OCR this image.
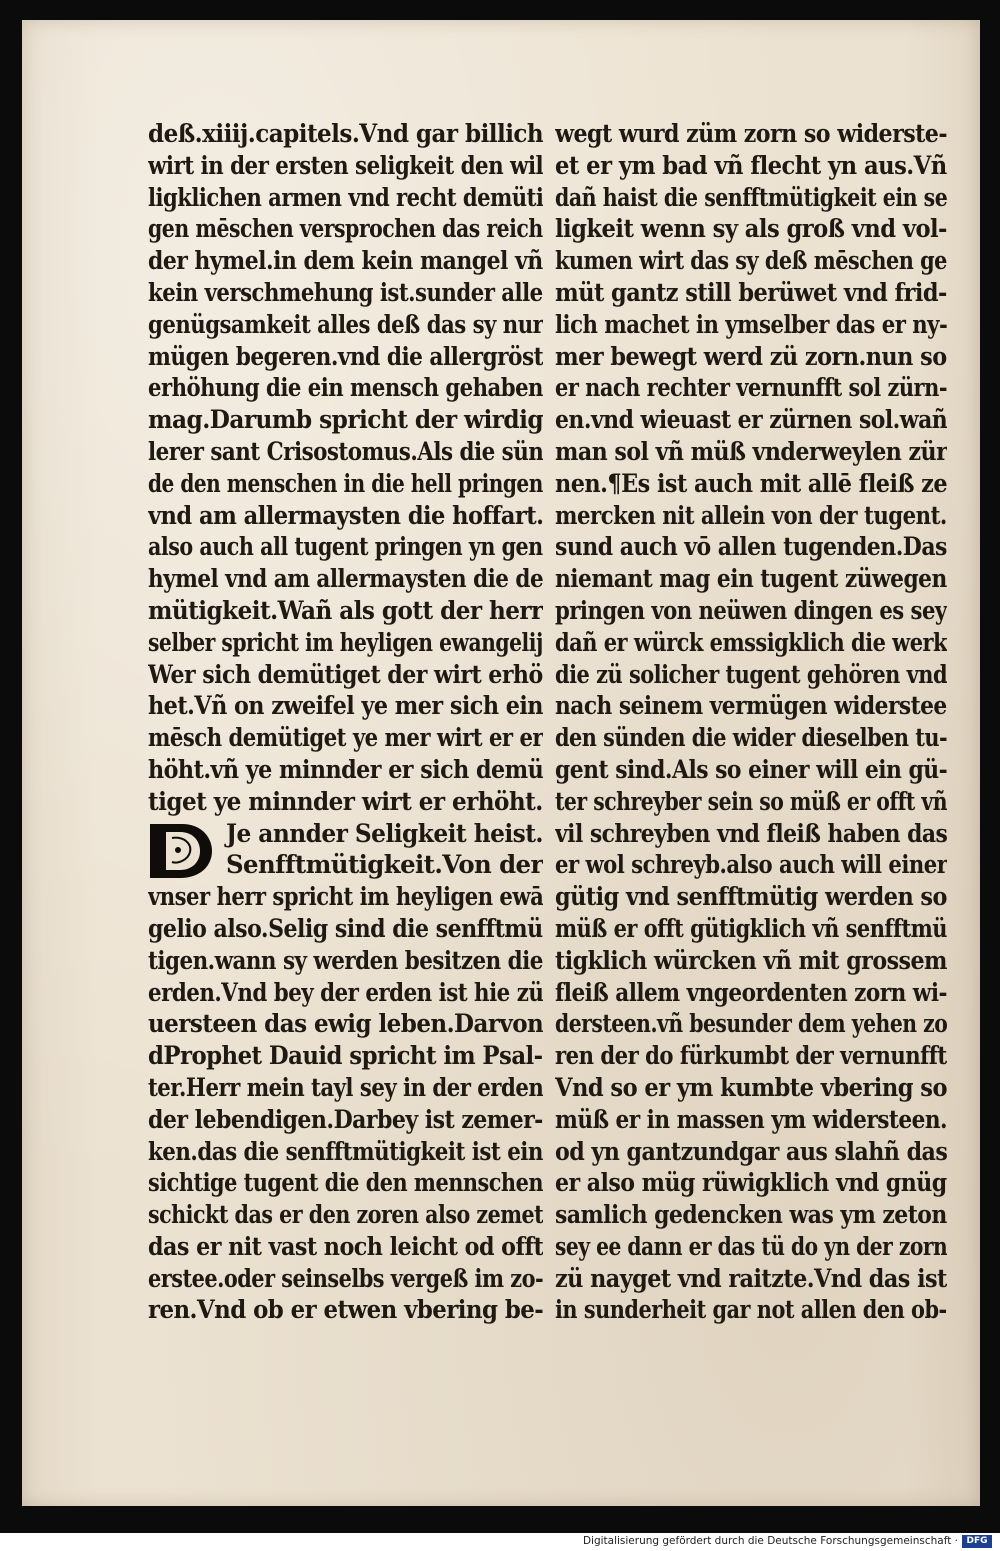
deß.xiiij.capitels.Vnd gar billich
wirt in der ersten seligkeit den wil
ligklichen armen vnd recht demüti
gen mēschen versprochen das reich
der hymel.in dem kein mangel vñ
kein verschmehung ist.sunder alle
genügsamkeit alles deß das sy nur
mügen begeren.vnd die allergröst
erhöhung die ein mensch gehaben
mag.Darumb spricht der wirdig
lerer sant Crisostomus.Als die sün
de den menschen in die hell pringen
vnd am allermaysten die hoffart.
also auch all tugent pringen yn gen
hymel vnd am allermaysten die de
mütigkeit.Wañ als gott der herr
selber spricht im heyligen ewangelij
Wer sich demütiget der wirt erhö
het.Vñ on zweifel ye mer sich ein
mēsch demütiget ye mer wirt er er
höht.vñ ye minnder er sich demü
tiget ye minnder wirt er erhöht.
Je annder Seligkeit heist.
Senfftmütigkeit.Von der
vnser herr spricht im heyligen ewā
gelio also.Selig sind die senfftmü
tigen.wann sy werden besitzen die
erden.Vnd bey der erden ist hie zü
uersteen das ewig leben.Darvon
dProphet Dauid spricht im Psal-
ter.Herr mein tayl sey in der erden
der lebendigen.Darbey ist zemer-
ken.das die senfftmütigkeit ist ein
sichtige tugent die den mennschen
schickt das er den zoren also zemet
das er nit vast noch leicht od offt
erstee.oder seinselbs vergeß im zo-
ren.Vnd ob er etwen vbering be-
wegt wurd züm zorn so widerste-
et er ym bad vñ flecht yn aus.Vñ
dañ haist die senfftmütigkeit ein se
ligkeit wenn sy als groß vnd vol-
kumen wirt das sy deß mēschen ge
müt gantz still berüwet vnd frid-
lich machet in ymselber das er ny-
mer bewegt werd zü zorn.nun so
er nach rechter vernunfft sol zürn-
en.vnd wieuast er zürnen sol.wañ
man sol vñ müß vnderweylen zür
nen.¶Es ist auch mit allē fleiß ze
mercken nit allein von der tugent.
sund auch vō allen tugenden.Das
niemant mag ein tugent züwegen
pringen von neüwen dingen es sey
dañ er würck emssigklich die werk
die zü solicher tugent gehören vnd
nach seinem vermügen widerstee
den sünden die wider dieselben tu-
gent sind.Als so einer will ein gü-
ter schreyber sein so müß er offt vñ
vil schreyben vnd fleiß haben das
er wol schreyb.also auch will einer
gütig vnd senfftmütig werden so
müß er offt gütigklich vñ senfftmü
tigklich würcken vñ mit grossem
fleiß allem vngeordenten zorn wi-
dersteen.vñ besunder dem yehen zo
ren der do fürkumbt der vernunfft
Vnd so er ym kumbte vbering so
müß er in massen ym widersteen.
od yn gantzundgar aus slahñ das
er also müg rüwigklich vnd gnüg
samlich gedencken was ym zeton
sey ee dann er das tü do yn der zorn
zü nayget vnd raitzte.Vnd das ist
in sunderheit gar not allen den ob-
Digitalisierung gefördert durch die Deutsche Forschungsgemeinschaft · DFG
